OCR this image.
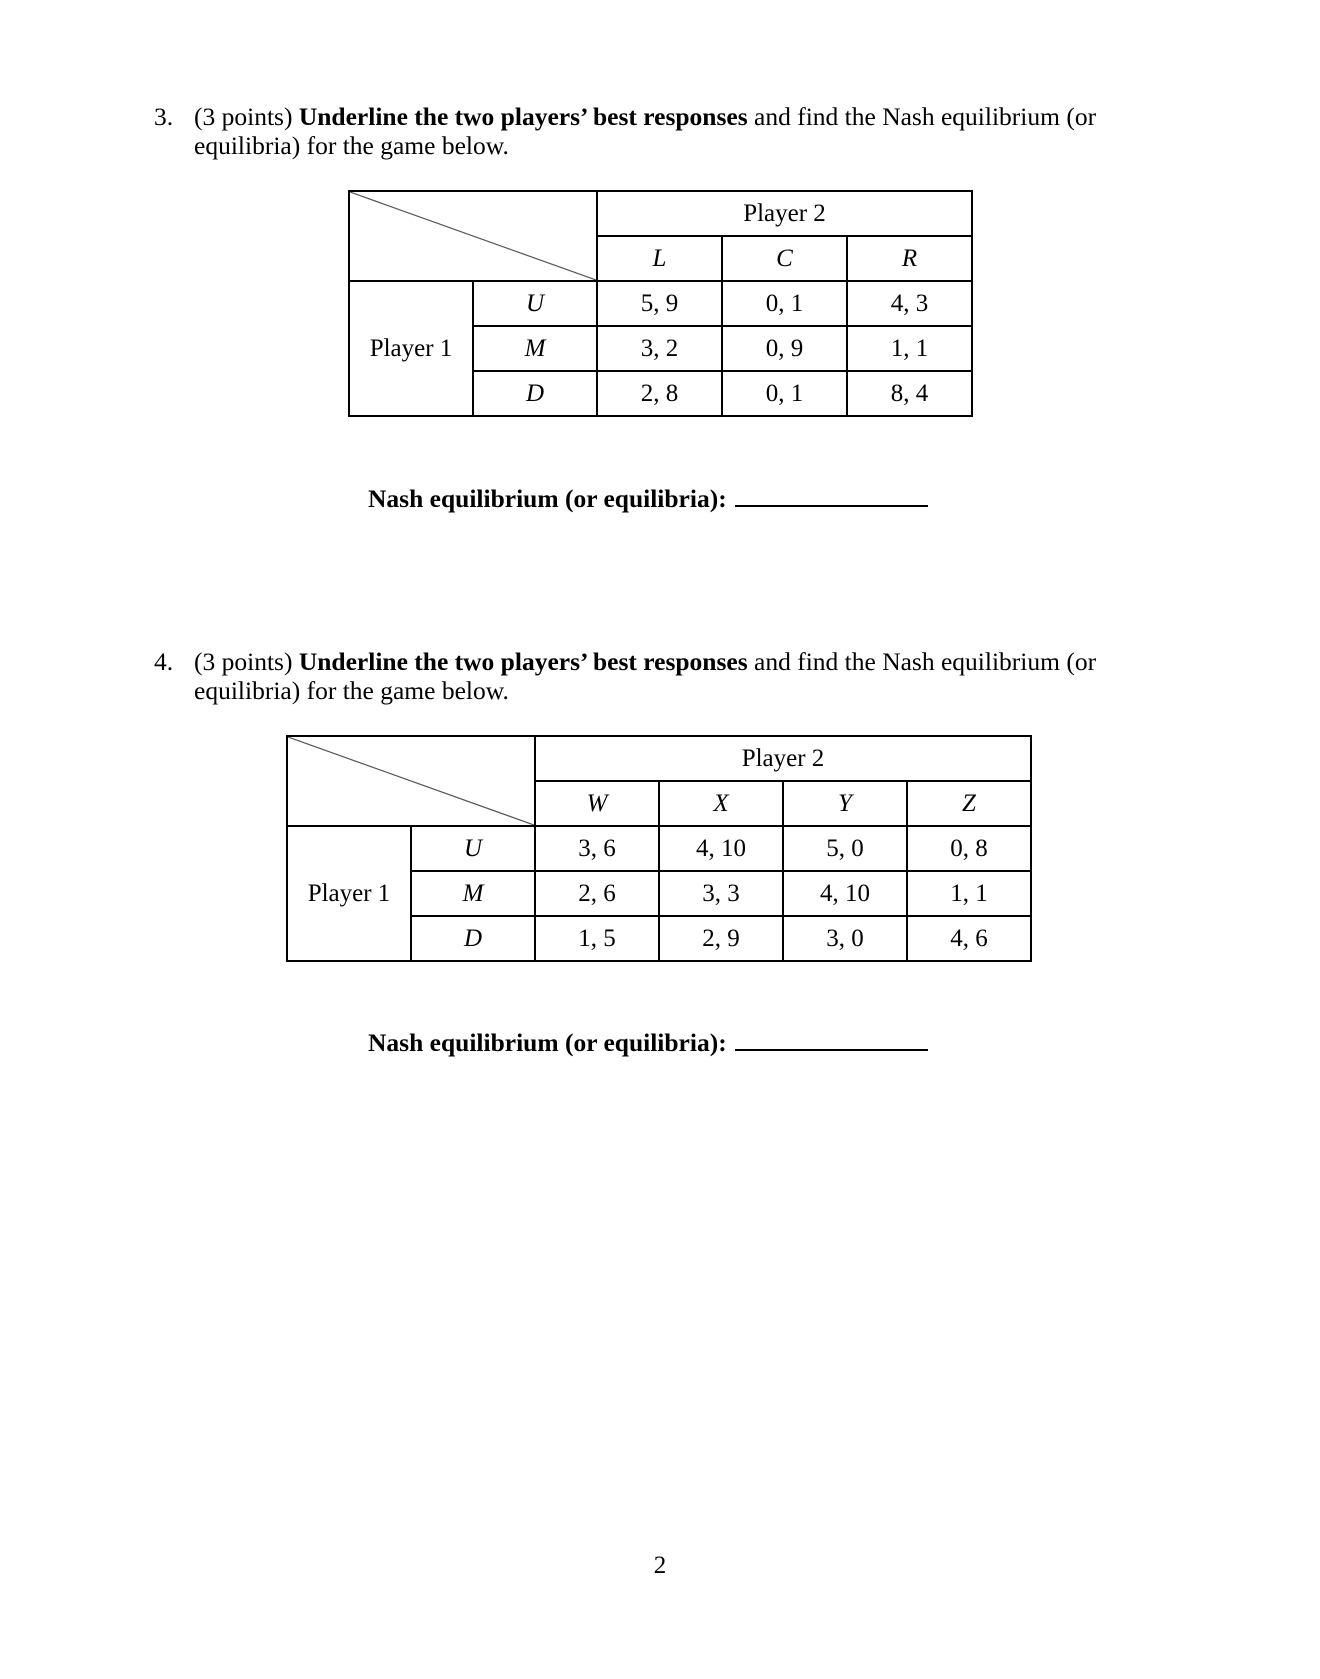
3. (3 points) Underline the two players’ best responses and find the Nash equilibrium (or
equilibria) for the game below.
	Player 2		
		L	C	R
Player 1	U	5, 9	0, 1	4, 3
	M	3, 2	0, 9	1, 1
	D	2, 8	0, 1	8, 4
Nash equilibrium (or equilibria):
4. (3 points) Underline the two players’ best responses and find the Nash equilibrium (or
equilibria) for the game below.
	Player 2			
		W	X	Y	Z
Player 1	U	3, 6	4, 10	5, 0	0, 8
	M	2, 6	3, 3	4, 10	1, 1
	D	1, 5	2, 9	3, 0	4, 6
Nash equilibrium (or equilibria):
2
